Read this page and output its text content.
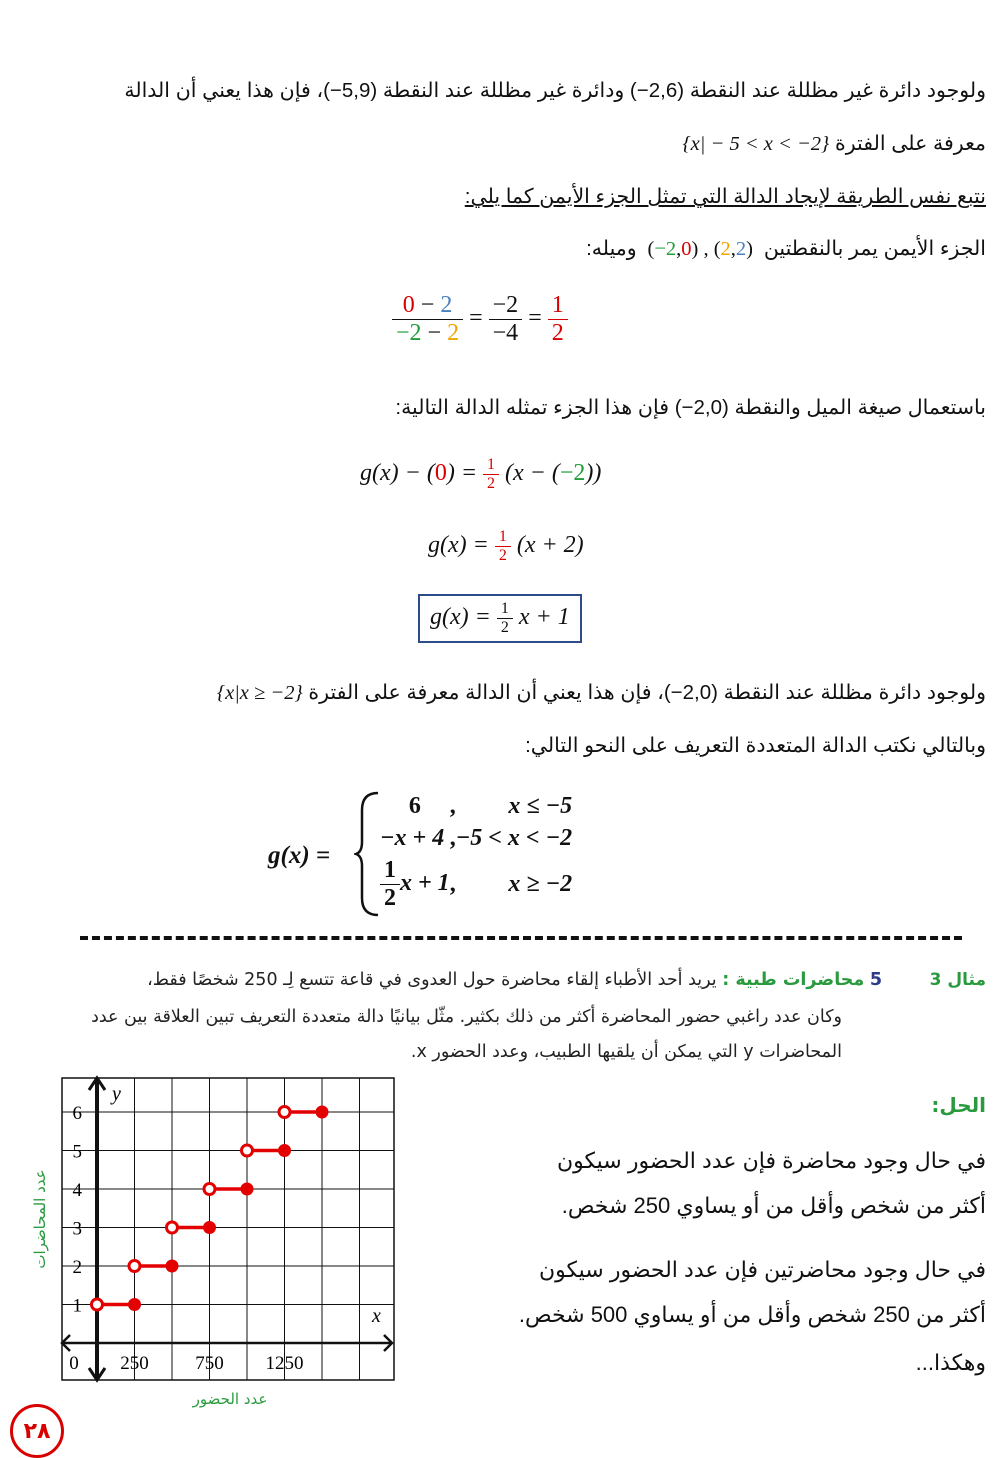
ولوجود دائرة غير مظللة عند النقطة (2,6−) ودائرة غير مظللة عند النقطة (5,9−)، فإن هذا يعني أن الدالة
معرفة على الفترة {x| − 5 < x < −2}
نتبع نفس الطريقة لإيجاد الدالة التي تمثل الجزء الأيمن كما يلي:
الجزء الأيمن يمر بالنقطتين  (−2,0) , (2,2)  وميله:
$\frac{0 - 2}{-2 - 2} = \frac{-2}{-4} = \frac{1}{2}$
باستعمال صيغة الميل والنقطة (2,0−) فإن هذا الجزء تمثله الدالة التالية:
$g(x) - (0) = \frac{1}{2} (x - (-2))$
$g(x) = \frac{1}{2} (x + 2)$
$g(x) = \frac{1}{2}$ x + 1
ولوجود دائرة مظللة عند النقطة (2,0−)، فإن هذا يعني أن الدالة معرفة على الفترة {x|x ≥ −2}
وبالتالي نكتب الدالة المتعددة التعريف على النحو التالي:
g(x) =
6	,	x ≤ −5
−x + 4	,	−5 < x < −2

$\frac{1}{2}$ x + 1	,	x ≥ −2
مثال 3
5 محاضرات طبية : يريد أحد الأطباء إلقاء محاضرة حول العدوى في قاعة تتسع لِـ 250 شخصًا فقط،
وكان عدد راغبي حضور المحاضرة أكثر من ذلك بكثير. مثّل بيانيًا دالة متعددة التعريف تبين العلاقة بين عدد
المحاضرات y التي يمكن أن يلقيها الطبيب، وعدد الحضور x.
الحل:
في حال وجود محاضرة فإن عدد الحضور سيكون
أكثر من شخص وأقل من أو يساوي 250 شخص.
في حال وجود محاضرتين فإن عدد الحضور سيكون
أكثر من 250 شخص وأقل من أو يساوي 500 شخص.
وهكذا...
1
2
3
4
5
6
0 250 750 1250
x
y
عدد المحاضرات
عدد الحضور
٢٨
